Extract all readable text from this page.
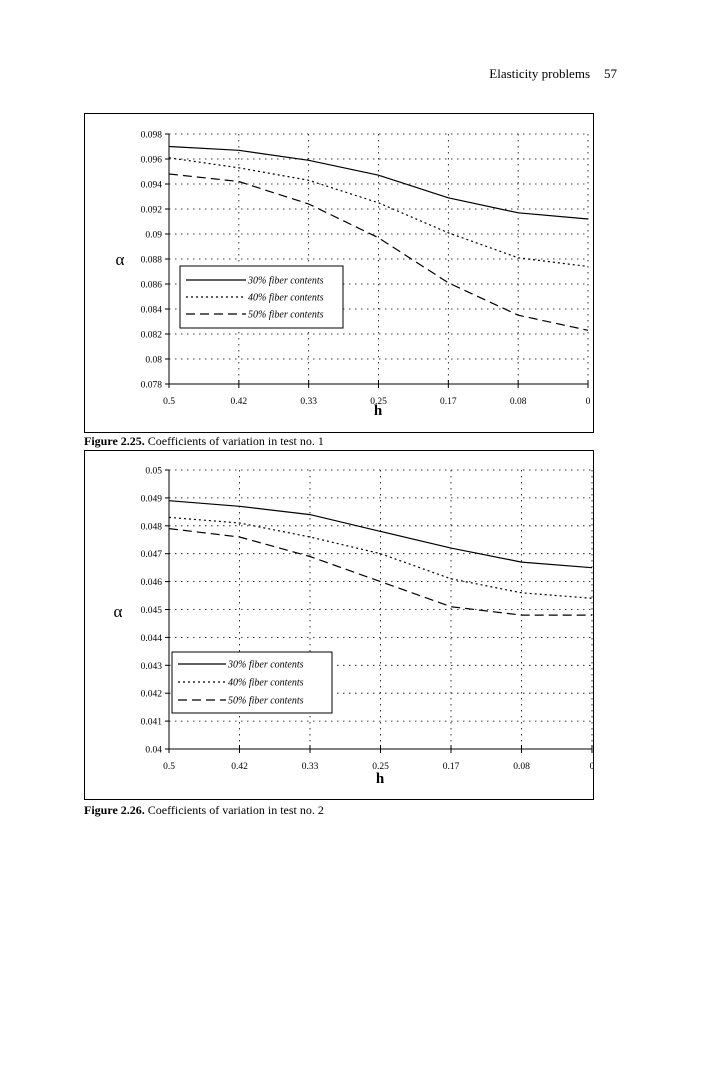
Elasticity problems 57
0.098
0.096
0.094
0.092
0.09
0.088
0.086
0.084
0.082
0.08
0.078
0.5	0.42	0.33	0.25	0.17	0.08	0
α
h
30% fiber contents
40% fiber contents
50% fiber contents
Figure 2.25. Coefficients of variation in test no. 1
0.05
0.049
0.048
0.047
0.046
0.045
0.044
0.043
0.042
0.041
0.04
0.5	0.42	0.33	0.25	0.17	0.08	0
α
h
30% fiber contents
40% fiber contents
50% fiber contents
Figure 2.26. Coefficients of variation in test no. 2
